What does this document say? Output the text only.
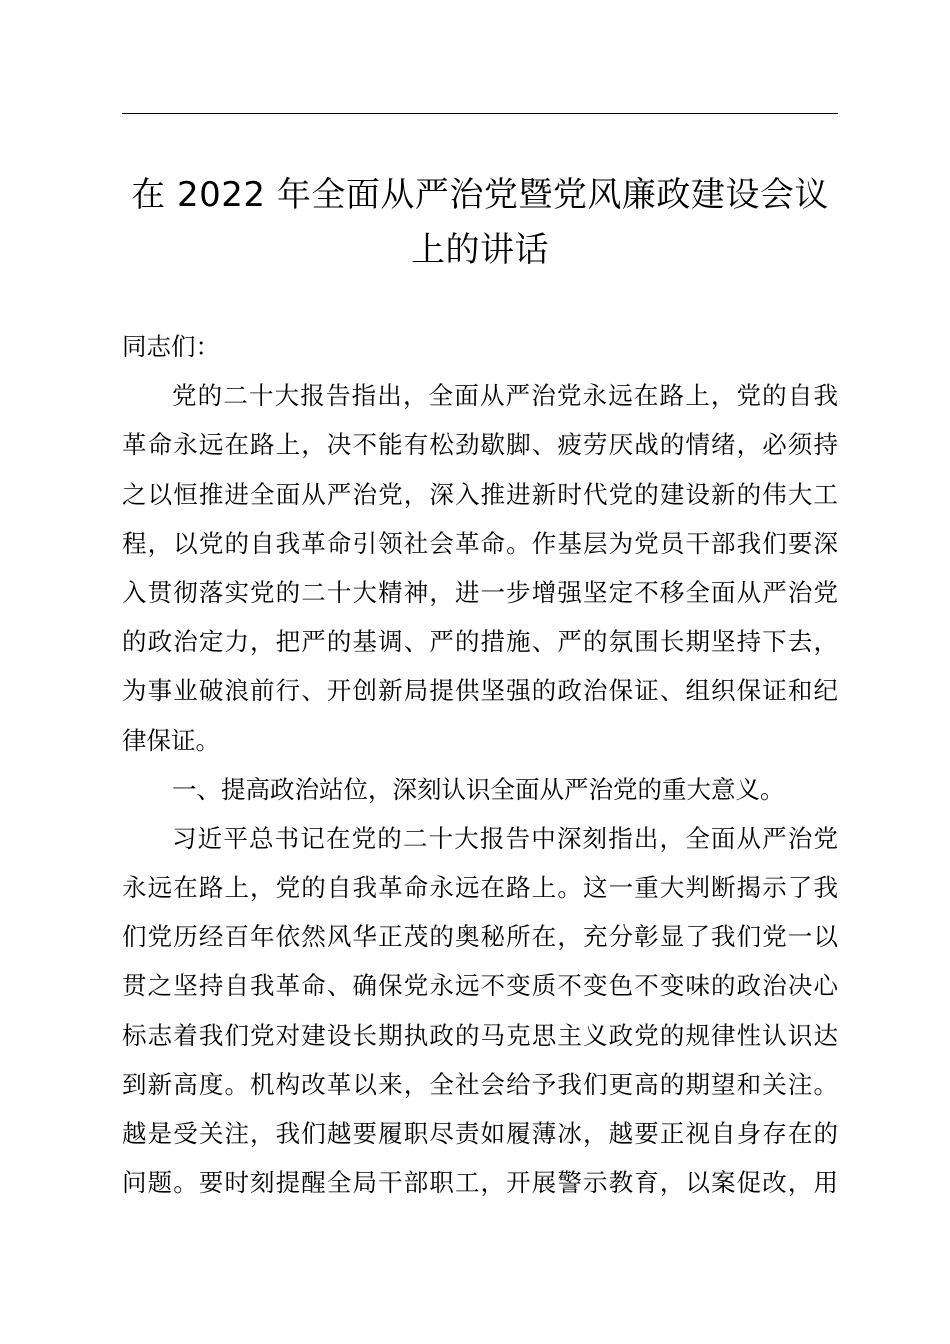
在 2022 年全面从严治党暨党风廉政建设会议
上的讲话
同志们：
党的二十大报告指出，全面从严治党永远在路上，党的自我
革命永远在路上，决不能有松劲歇脚、疲劳厌战的情绪，必须持
之以恒推进全面从严治党，深入推进新时代党的建设新的伟大工
程，以党的自我革命引领社会革命。作基层为党员干部我们要深
入贯彻落实党的二十大精神，进一步增强坚定不移全面从严治党
的政治定力，把严的基调、严的措施、严的氛围长期坚持下去，
为事业破浪前行、开创新局提供坚强的政治保证、组织保证和纪
律保证。
一、提高政治站位，深刻认识全面从严治党的重大意义。
习近平总书记在党的二十大报告中深刻指出，全面从严治党
永远在路上，党的自我革命永远在路上。这一重大判断揭示了我
们党历经百年依然风华正茂的奥秘所在，充分彰显了我们党一以
贯之坚持自我革命、确保党永远不变质不变色不变味的政治决心
标志着我们党对建设长期执政的马克思主义政党的规律性认识达
到新高度。机构改革以来，全社会给予我们更高的期望和关注。
越是受关注，我们越要履职尽责如履薄冰，越要正视自身存在的
问题。要时刻提醒全局干部职工，开展警示教育，以案促改，用
